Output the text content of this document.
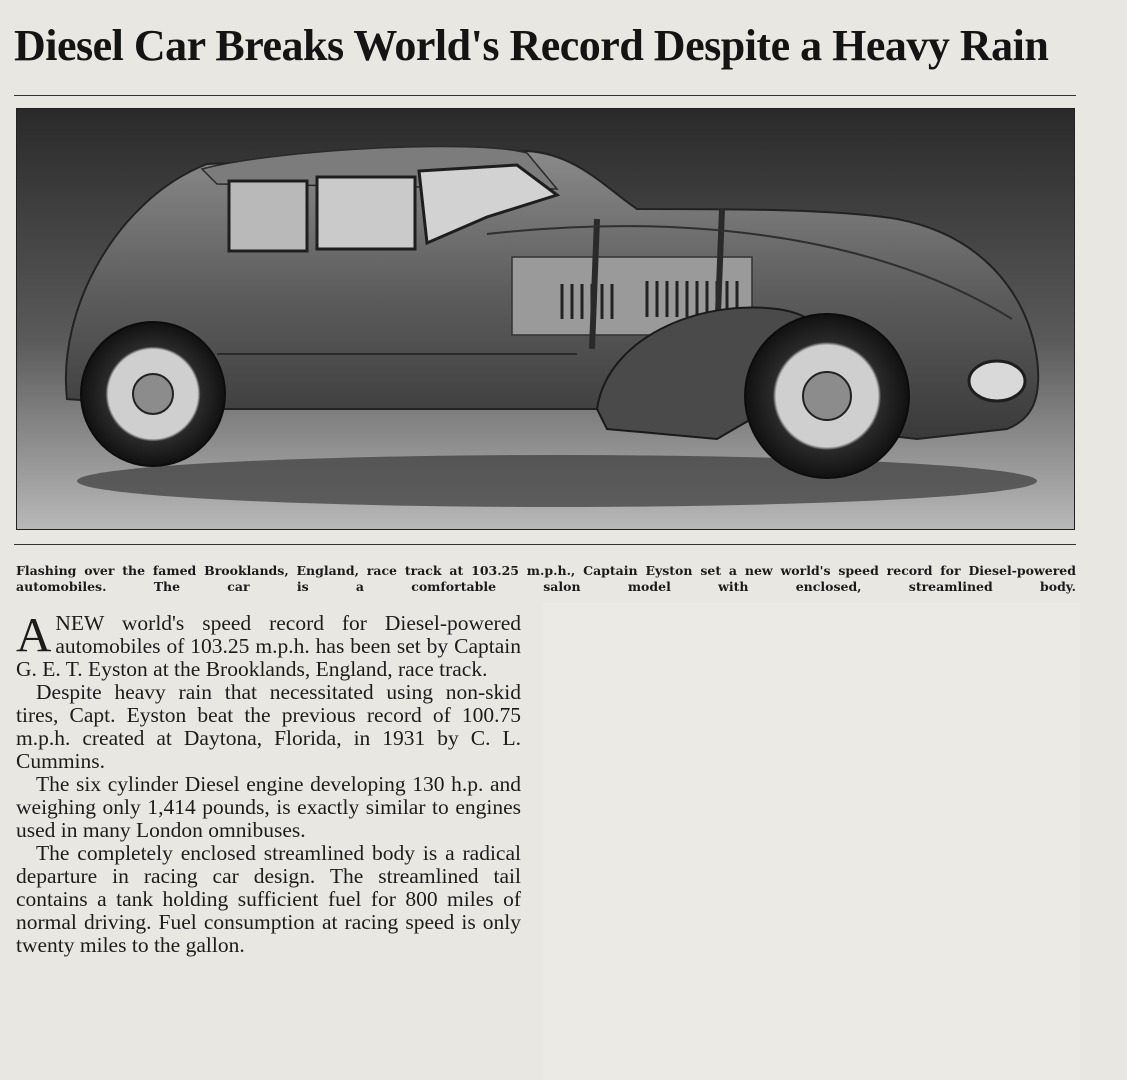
Diesel Car Breaks World's Record Despite a Heavy Rain

Flashing over the famed Brooklands, England, race track at 103.25 m.p.h., Captain Eyston set a new world's speed record for Diesel-powered automobiles. The car is a comfortable salon model with enclosed, streamlined body.

ANEW world's speed record for Diesel-powered automobiles of 103.25 m.p.h. has been set by Captain G. E. T. Eyston at the Brooklands, England, race track.

Despite heavy rain that necessitated using non-skid tires, Capt. Eyston beat the previous record of 100.75 m.p.h. created at Daytona, Florida, in 1931 by C. L. Cummins.

The six cylinder Diesel engine developing 130 h.p. and weighing only 1,414 pounds, is exactly similar to engines used in many London omnibuses.

The completely enclosed streamlined body is a radical departure in racing car design. The streamlined tail contains a tank holding sufficient fuel for 800 miles of normal driving. Fuel consumption at racing speed is only twenty miles to the gallon.
